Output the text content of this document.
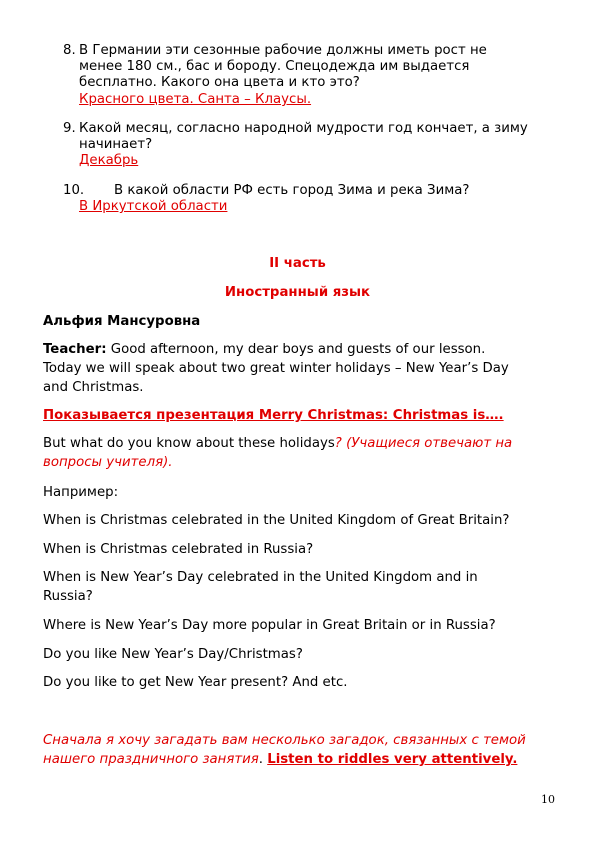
8. В Германии эти сезонные рабочие должны иметь рост не
менее 180 см., бас и бороду. Спецодежда им выдается
бесплатно. Какого она цвета и кто это?
Красного цвета. Санта – Клаусы.
9. Какой месяц, согласно народной мудрости год кончает, а зиму
начинает?
Декабрь
10. В какой области РФ есть город Зима и река Зима?
В Иркутской области
II часть
Иностранный язык
Альфия Мансуровна
Teacher: Good afternoon, my dear boys and guests of our lesson.
Today we will speak about two great winter holidays – New Year’s Day
and Christmas.
Показывается презентация Merry Christmas: Christmas is….
But what do you know about these holidays? (Учащиеся отвечают на
вопросы учителя).
Например:
When is Christmas celebrated in the United Kingdom of Great Britain?
When is Christmas celebrated in Russia?
When is New Year’s Day celebrated in the United Kingdom and in
Russia?
Where is New Year’s Day more popular in Great Britain or in Russia?
Do you like New Year’s Day/Christmas?
Do you like to get New Year present? And etc.
Сначала я хочу загадать вам несколько загадок, связанных с темой
нашего праздничного занятия. Listen to riddles very attentively.
10
